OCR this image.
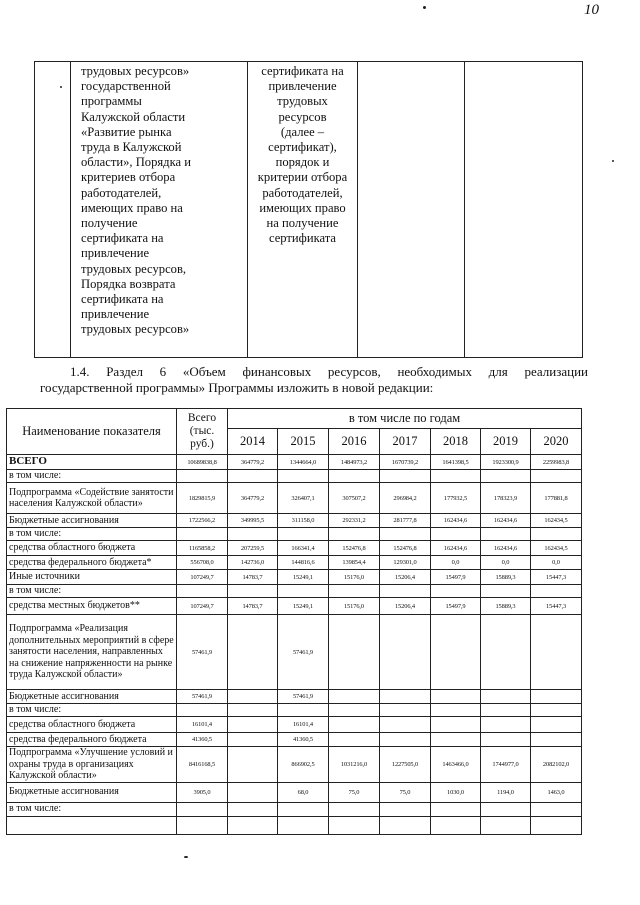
10

трудовых ресурсов»
государственной
программы
Калужской области
«Развитие рынка
труда в Калужской
области», Порядка и
критериев отбора
работодателей,
имеющих право на
получение
сертификата на
привлечение
трудовых ресурсов,
Порядка возврата
сертификата на
привлечение
трудовых ресурсов»

сертификата на
привлечение
трудовых
ресурсов
(далее –
сертификат),
порядок и
критерии отбора
работодателей,
имеющих право
на получение
сертификата

1.4. Раздел 6 «Объем финансовых ресурсов, необходимых для реализации
государственной программы» Программы изложить в новой редакции:
Наименование показателя	Всего
(тыс.
руб.)	в том числе по годам						
		2014	2015	2016	2017	2018	2019	2020
ВСЕГО	10689838,8	364779,2	1344664,0	1484973,2	1670739,2	1641398,5	1923300,9	2259983,8
в том числе:								
Подпрограмма «Содействие занятости населения Калужской области»	1829815,9	364779,2	326407,1	307507,2	296984,2	177932,5	178323,9	177881,8
Бюджетные ассигнования	1722566,2	349995,5	311158,0	292331,2	281777,8	162434,6	162434,6	162434,5
в том числе:								
средства областного бюджета	1165858,2	207259,5	166341,4	152476,8	152476,8	162434,6	162434,6	162434,5
средства федерального бюджета*	556708,0	142736,0	144816,6	139854,4	129301,0	0,0	0,0	0,0
Иные источники	107249,7	14783,7	15249,1	15176,0	15206,4	15497,9	15889,3	15447,3
в том числе:								
средства местных бюджетов**	107249,7	14783,7	15249,1	15176,0	15206,4	15497,9	15889,3	15447,3
Подпрограмма «Реализация дополнительных мероприятий в сфере занятости населения, направленных на снижение напряженности на рынке труда Калужской области»	57461,9		57461,9					
Бюджетные ассигнования	57461,9		57461,9					
в том числе:								
средства областного бюджета	16101,4		16101,4					
средства федерального бюджета	41360,5		41360,5					
Подпрограмма «Улучшение условий и охраны труда в организациях Калужской области»	8416168,5		866902,5	1031216,0	1227505,0	1463466,0	1744977,0	2082102,0
Бюджетные ассигнования	3905,0		68,0	75,0	75,0	1030,0	1194,0	1463,0
в том числе:								
